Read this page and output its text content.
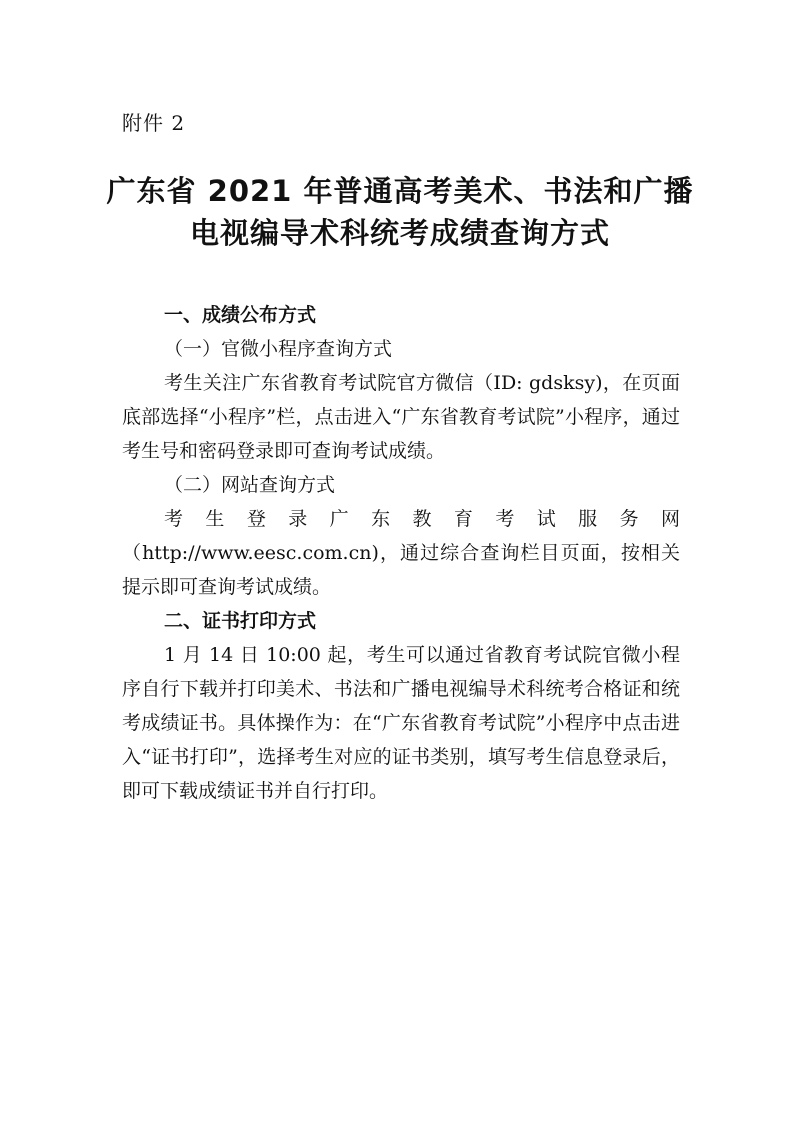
附件 2
广东省 2021 年普通高考美术、书法和广播
电视编导术科统考成绩查询方式

一、成绩公布方式

（一）官微小程序查询方式

考生关注广东省教育考试院官方微信（ID: gdsksy)，在页面底部选择“小程序”栏，点击进入“广东省教育考试院”小程序，通过考生号和密码登录即可查询考试成绩。

（二）网站查询方式

考生登录广东教育考试服务网（http://www.eesc.com.cn)，通过综合查询栏目页面，按相关提示即可查询考试成绩。

二、证书打印方式

1 月 14 日 10:00 起，考生可以通过省教育考试院官微小程序自行下载并打印美术、书法和广播电视编导术科统考合格证和统考成绩证书。具体操作为：在“广东省教育考试院”小程序中点击进入“证书打印”，选择考生对应的证书类别，填写考生信息登录后，即可下载成绩证书并自行打印。
